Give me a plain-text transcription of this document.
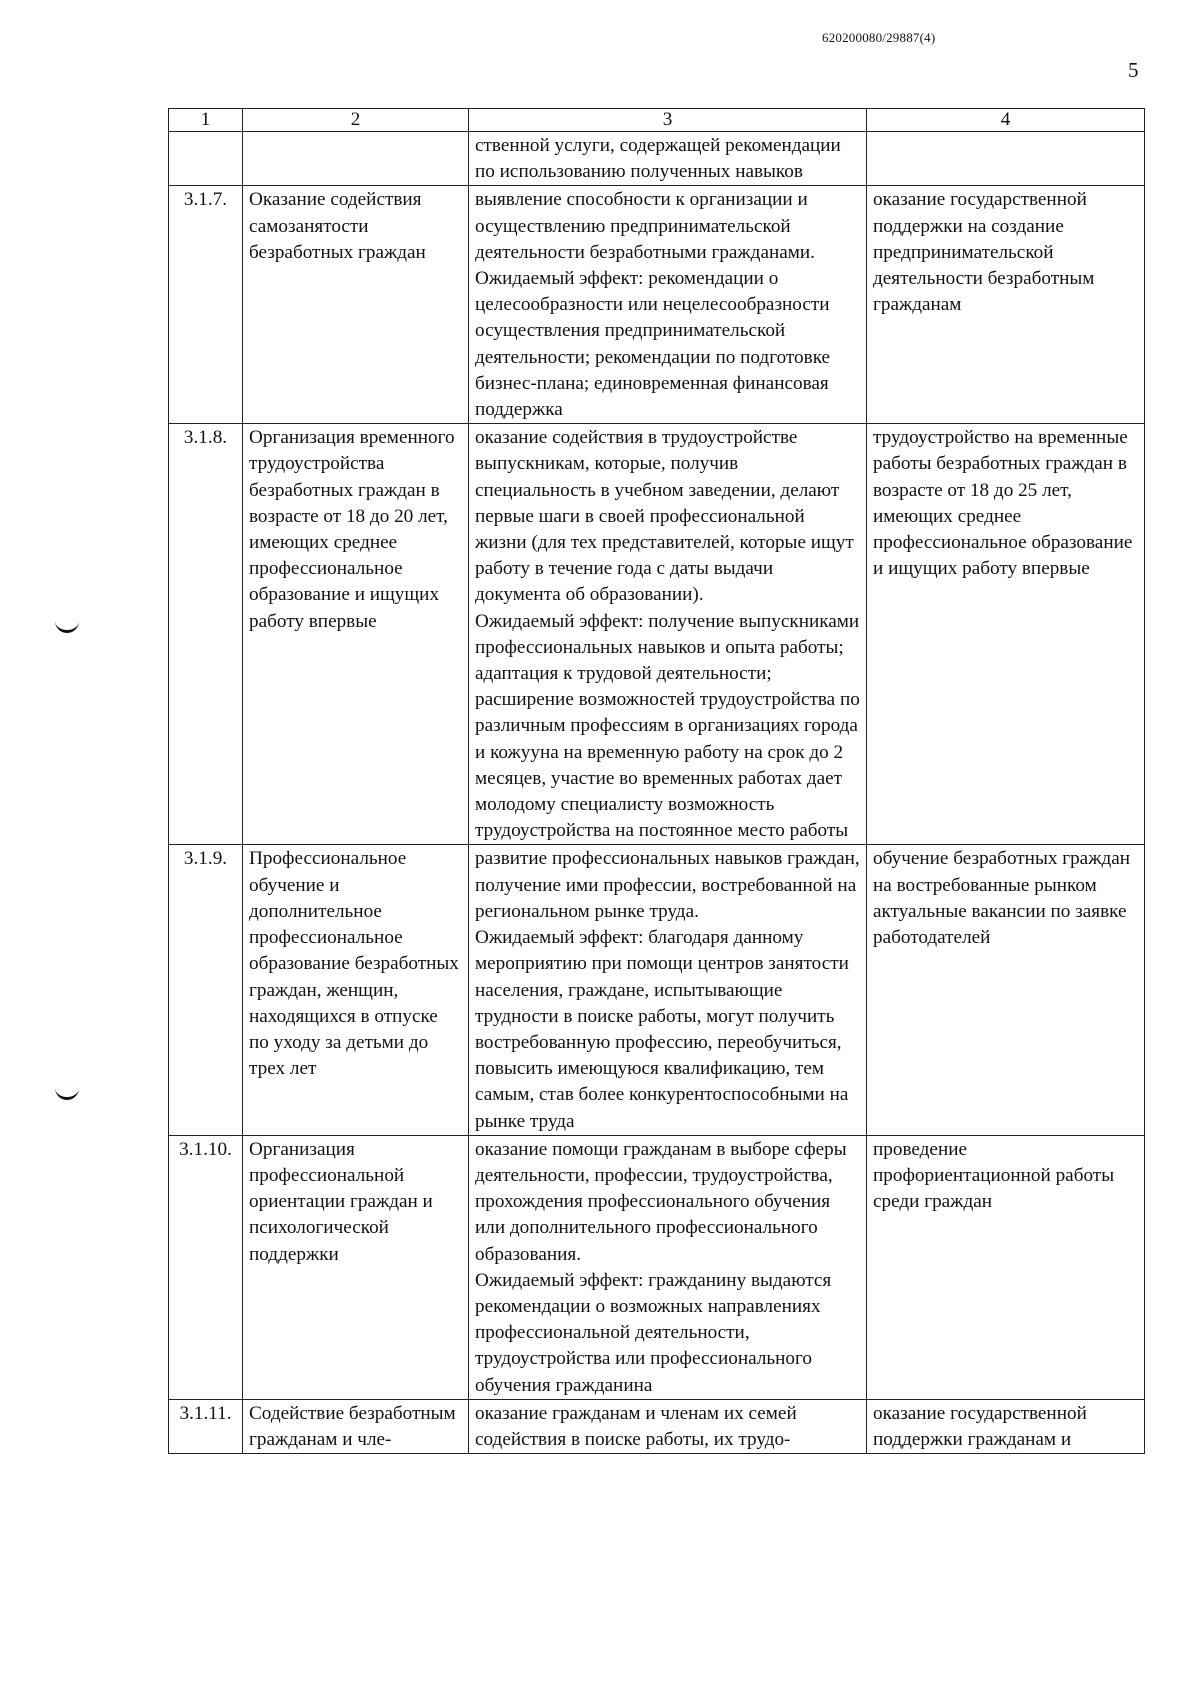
620200080/29887(4)
5
1	2	3	4
		ственной услуги, содержащей рекомендации по использованию полученных навыков	
3.1.7.	Оказание содействия самозанятости безработных граждан	выявление способности к организации и осуществлению предпринимательской деятельности безработными гражданами.
Ожидаемый эффект: рекомендации о целесообразности или нецелесообразности осуществления предпринимательской деятельности; рекомендации по подготовке бизнес-плана; единовременная финансовая поддержка	оказание государственной поддержки на создание предпринимательской деятельности безработным гражданам
3.1.8.	Организация временного трудоустройства безработных граждан в возрасте от 18 до 20 лет, имеющих среднее профессиональное образование и ищущих работу впервые	оказание содействия в трудоустройстве выпускникам, которые, получив специальность в учебном заведении, делают первые шаги в своей профессиональной жизни (для тех представителей, которые ищут работу в течение года с даты выдачи документа об образовании).
Ожидаемый эффект: получение выпускниками профессиональных навыков и опыта работы; адаптация к трудовой деятельности; расширение возможностей трудоустройства по различным профессиям в организациях города и кожууна на временную работу на срок до 2 месяцев, участие во временных работах дает молодому специалисту возможность трудоустройства на постоянное место работы	трудоустройство на временные работы безработных граждан в возрасте от 18 до 25 лет, имеющих среднее профессиональное образование и ищущих работу впервые
3.1.9.	Профессиональное обучение и дополнительное профессиональное образование безработных граждан, женщин, находящихся в отпуске по уходу за детьми до трех лет	развитие профессиональных навыков граждан, получение ими профессии, востребованной на региональном рынке труда.
Ожидаемый эффект: благодаря данному мероприятию при помощи центров занятости населения, граждане, испытывающие трудности в поиске работы, могут получить востребованную профессию, переобучиться, повысить имеющуюся квалификацию, тем самым, став более конкурентоспособными на рынке труда	обучение безработных граждан на востребованные рынком актуальные вакансии по заявке работодателей
3.1.10.	Организация профессиональной ориентации граждан и психологической поддержки	оказание помощи гражданам в выборе сферы деятельности, профессии, трудоустройства, прохождения профессионального обучения или дополнительного профессионального образования.
Ожидаемый эффект: гражданину выдаются рекомендации о возможных направлениях профессиональной деятельности, трудоустройства или профессионального обучения гражданина	проведение профориентационной работы среди граждан
3.1.11.	Содействие безработным гражданам и чле-	оказание гражданам и членам их семей содействия в поиске работы, их трудо-	оказание государственной поддержки гражданам и
